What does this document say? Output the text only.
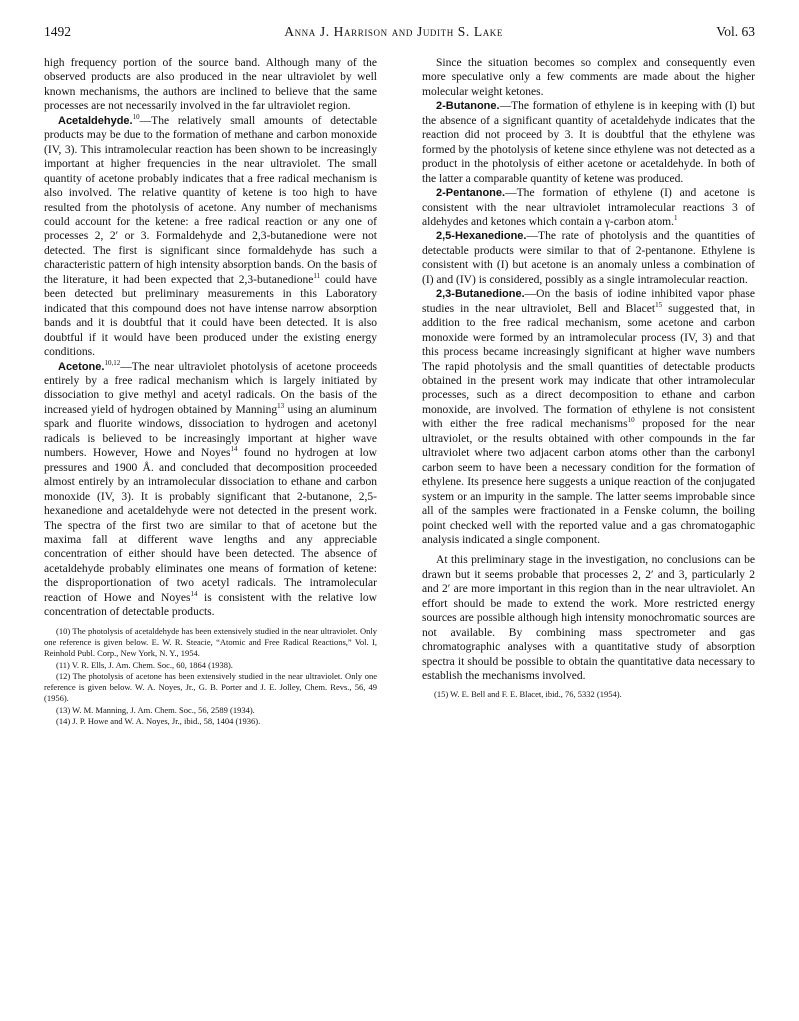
1492	Anna J. Harrison and Judith S. Lake	Vol. 63

high frequency portion of the source band. Although many of the observed products are also produced in the near ultraviolet by well known mechanisms, the authors are inclined to believe that the same processes are not necessarily involved in the far ultraviolet region.

Acetaldehyde.$^{10}$—The relatively small amounts of detectable products may be due to the formation of methane and carbon monoxide (IV, 3). This intramolecular reaction has been shown to be increasingly important at higher frequencies in the near ultraviolet. The small quantity of acetone probably indicates that a free radical mechanism is also involved. The relative quantity of ketene is too high to have resulted from the photolysis of acetone. Any number of mechanisms could account for the ketene: a free radical reaction or any one of processes 2, 2′ or 3. Formaldehyde and 2,3-butanedione were not detected. The first is significant since formaldehyde has such a characteristic pattern of high intensity absorption bands. On the basis of the literature, it had been expected that 2,3-butanedione$^{11}$ could have been detected but preliminary measurements in this Laboratory indicated that this compound does not have intense narrow absorption bands and it is doubtful that it could have been detected. It is also doubtful if it would have been produced under the existing energy conditions.

Acetone.$^{10,12}$—The near ultraviolet photolysis of acetone proceeds entirely by a free radical mechanism which is largely initiated by dissociation to give methyl and acetyl radicals. On the basis of the increased yield of hydrogen obtained by Manning$^{13}$ using an aluminum spark and fluorite windows, dissociation to hydrogen and acetonyl radicals is believed to be increasingly important at higher wave numbers. However, Howe and Noyes$^{14}$ found no hydrogen at low pressures and 1900 Å. and concluded that decomposition proceeded almost entirely by an intramolecular dissociation to ethane and carbon monoxide (IV, 3). It is probably significant that 2-butanone, 2,5-hexanedione and acetaldehyde were not detected in the present work. The spectra of the first two are similar to that of acetone but the maxima fall at different wave lengths and any appreciable concentration of either should have been detected. The absence of acetaldehyde probably eliminates one means of formation of ketene: the disproportionation of two acetyl radicals. The intramolecular reaction of Howe and Noyes$^{14}$ is consistent with the relative low concentration of detectable products.

(10) The photolysis of acetaldehyde has been extensively studied in the near ultraviolet. Only one reference is given below. E. W. R. Steacie, “Atomic and Free Radical Reactions,” Vol. I, Reinhold Publ. Corp., New York, N. Y., 1954.

(11) V. R. Ells, J. Am. Chem. Soc., 60, 1864 (1938).

(12) The photolysis of acetone has been extensively studied in the near ultraviolet. Only one reference is given below. W. A. Noyes, Jr., G. B. Porter and J. E. Jolley, Chem. Revs., 56, 49 (1956).

(13) W. M. Manning, J. Am. Chem. Soc., 56, 2589 (1934).

(14) J. P. Howe and W. A. Noyes, Jr., ibid., 58, 1404 (1936).

Since the situation becomes so complex and consequently even more speculative only a few comments are made about the higher molecular weight ketones.

2-Butanone.—The formation of ethylene is in keeping with (I) but the absence of a significant quantity of acetaldehyde indicates that the reaction did not proceed by 3. It is doubtful that the ethylene was formed by the photolysis of ketene since ethylene was not detected as a product in the photolysis of either acetone or acetaldehyde. In both of the latter a comparable quantity of ketene was produced.

2-Pentanone.—The formation of ethylene (I) and acetone is consistent with the near ultraviolet intramolecular reactions 3 of aldehydes and ketones which contain a γ-carbon atom.$^1$

2,5-Hexanedione.—The rate of photolysis and the quantities of detectable products were similar to that of 2-pentanone. Ethylene is consistent with (I) but acetone is an anomaly unless a combination of (I) and (IV) is considered, possibly as a single intramolecular reaction.

2,3-Butanedione.—On the basis of iodine inhibited vapor phase studies in the near ultraviolet, Bell and Blacet$^{15}$ suggested that, in addition to the free radical mechanism, some acetone and carbon monoxide were formed by an intramolecular process (IV, 3) and that this process became increasingly significant at higher wave numbers The rapid photolysis and the small quantities of detectable products obtained in the present work may indicate that other intramolecular processes, such as a direct decomposition to ethane and carbon monoxide, are involved. The formation of ethylene is not consistent with either the free radical mechanisms$^{10}$ proposed for the near ultraviolet, or the results obtained with other compounds in the far ultraviolet where two adjacent carbon atoms other than the carbonyl carbon seem to have been a necessary condition for the formation of ethylene. Its presence here suggests a unique reaction of the conjugated system or an impurity in the sample. The latter seems improbable since all of the samples were fractionated in a Fenske column, the boiling point checked well with the reported value and a gas chromatogaphic analysis indicated a single component.

At this preliminary stage in the investigation, no conclusions can be drawn but it seems probable that processes 2, 2′ and 3, particularly 2 and 2′ are more important in this region than in the near ultraviolet. An effort should be made to extend the work. More restricted energy sources are possible although high intensity monochromatic sources are not available. By combining mass spectrometer and gas chromatographic analyses with a quantitative study of absorption spectra it should be possible to obtain the quantitative data necessary to establish the mechanisms involved.

(15) W. E. Bell and F. E. Blacet, ibid., 76, 5332 (1954).
